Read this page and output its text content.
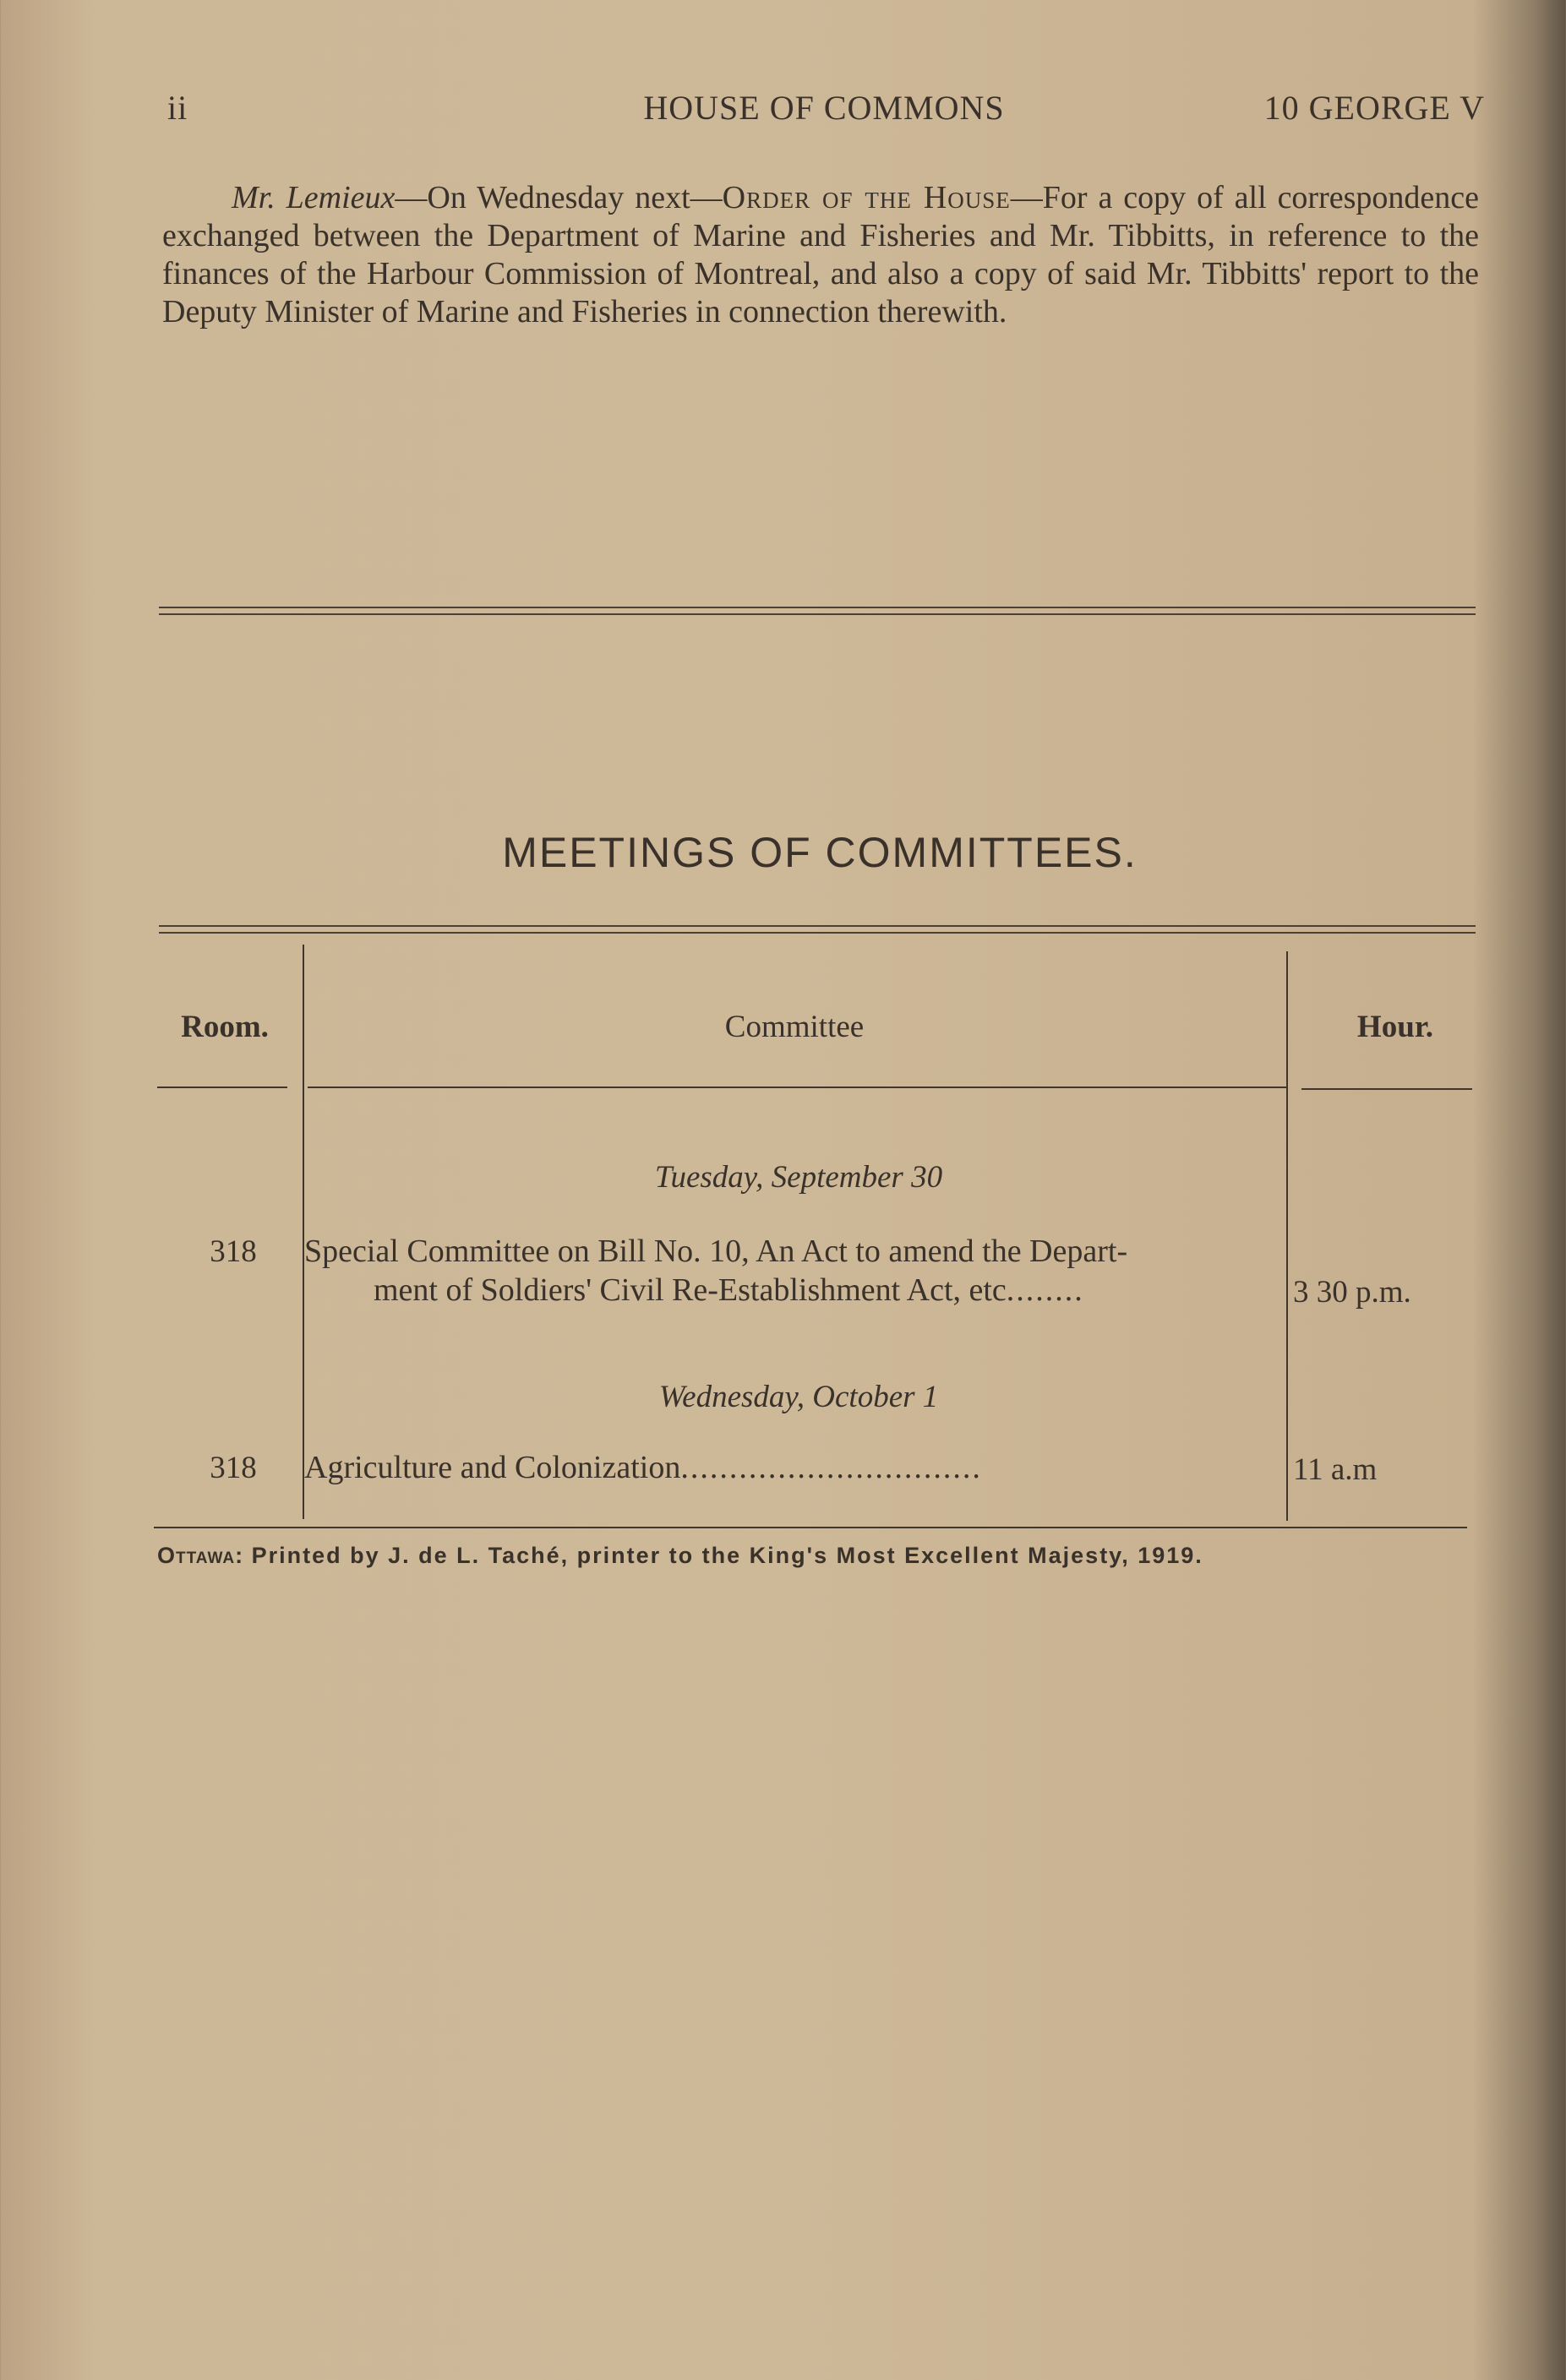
ii	HOUSE OF COMMONS	10 GEORGE V
Mr. Lemieux—On Wednesday next—Order of the House—For a copy of all correspondence exchanged between the Department of Marine and Fisheries and Mr. Tibbitts, in reference to the finances of the Harbour Commission of Montreal, and also a copy of said Mr. Tibbitts' report to the Deputy Minister of Marine and Fisheries in connection therewith.
MEETINGS OF COMMITTEES.
Room.	Committee	Hour.
Tuesday, September 30
318	Special Committee on Bill No. 10, An Act to amend the Depart-
ment of Soldiers' Civil Re-Establishment Act, etc........	3 30 p.m.
Wednesday, October 1
318	Agriculture and Colonization...............................	11 a.m
Ottawa: Printed by J. de L. Taché, printer to the King's Most Excellent Majesty, 1919.
